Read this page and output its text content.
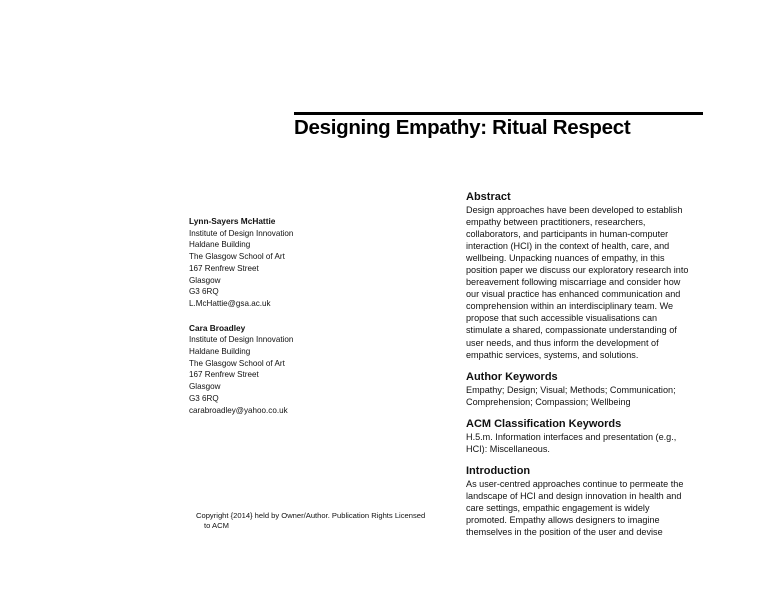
Designing Empathy: Ritual Respect
Lynn-Sayers McHattie
Institute of Design Innovation
Haldane Building
The Glasgow School of Art
167 Renfrew Street
Glasgow
G3 6RQ
L.McHattie@gsa.ac.uk
Cara Broadley
Institute of Design Innovation
Haldane Building
The Glasgow School of Art
167 Renfrew Street
Glasgow
G3 6RQ
carabroadley@yahoo.co.uk
Copyright {2014} held by Owner/Author. Publication Rights Licensed
to ACM
Abstract
Design approaches have been developed to establish
empathy between practitioners, researchers,
collaborators, and participants in human-computer
interaction (HCI) in the context of health, care, and
wellbeing. Unpacking nuances of empathy, in this
position paper we discuss our exploratory research into
bereavement following miscarriage and consider how
our visual practice has enhanced communication and
comprehension within an interdisciplinary team. We
propose that such accessible visualisations can
stimulate a shared, compassionate understanding of
user needs, and thus inform the development of
empathic services, systems, and solutions.
Author Keywords
Empathy; Design; Visual; Methods; Communication;
Comprehension; Compassion; Wellbeing
ACM Classification Keywords
H.5.m. Information interfaces and presentation (e.g.,
HCI): Miscellaneous.
Introduction
As user-centred approaches continue to permeate the
landscape of HCI and design innovation in health and
care settings, empathic engagement is widely
promoted. Empathy allows designers to imagine
themselves in the position of the user and devise
